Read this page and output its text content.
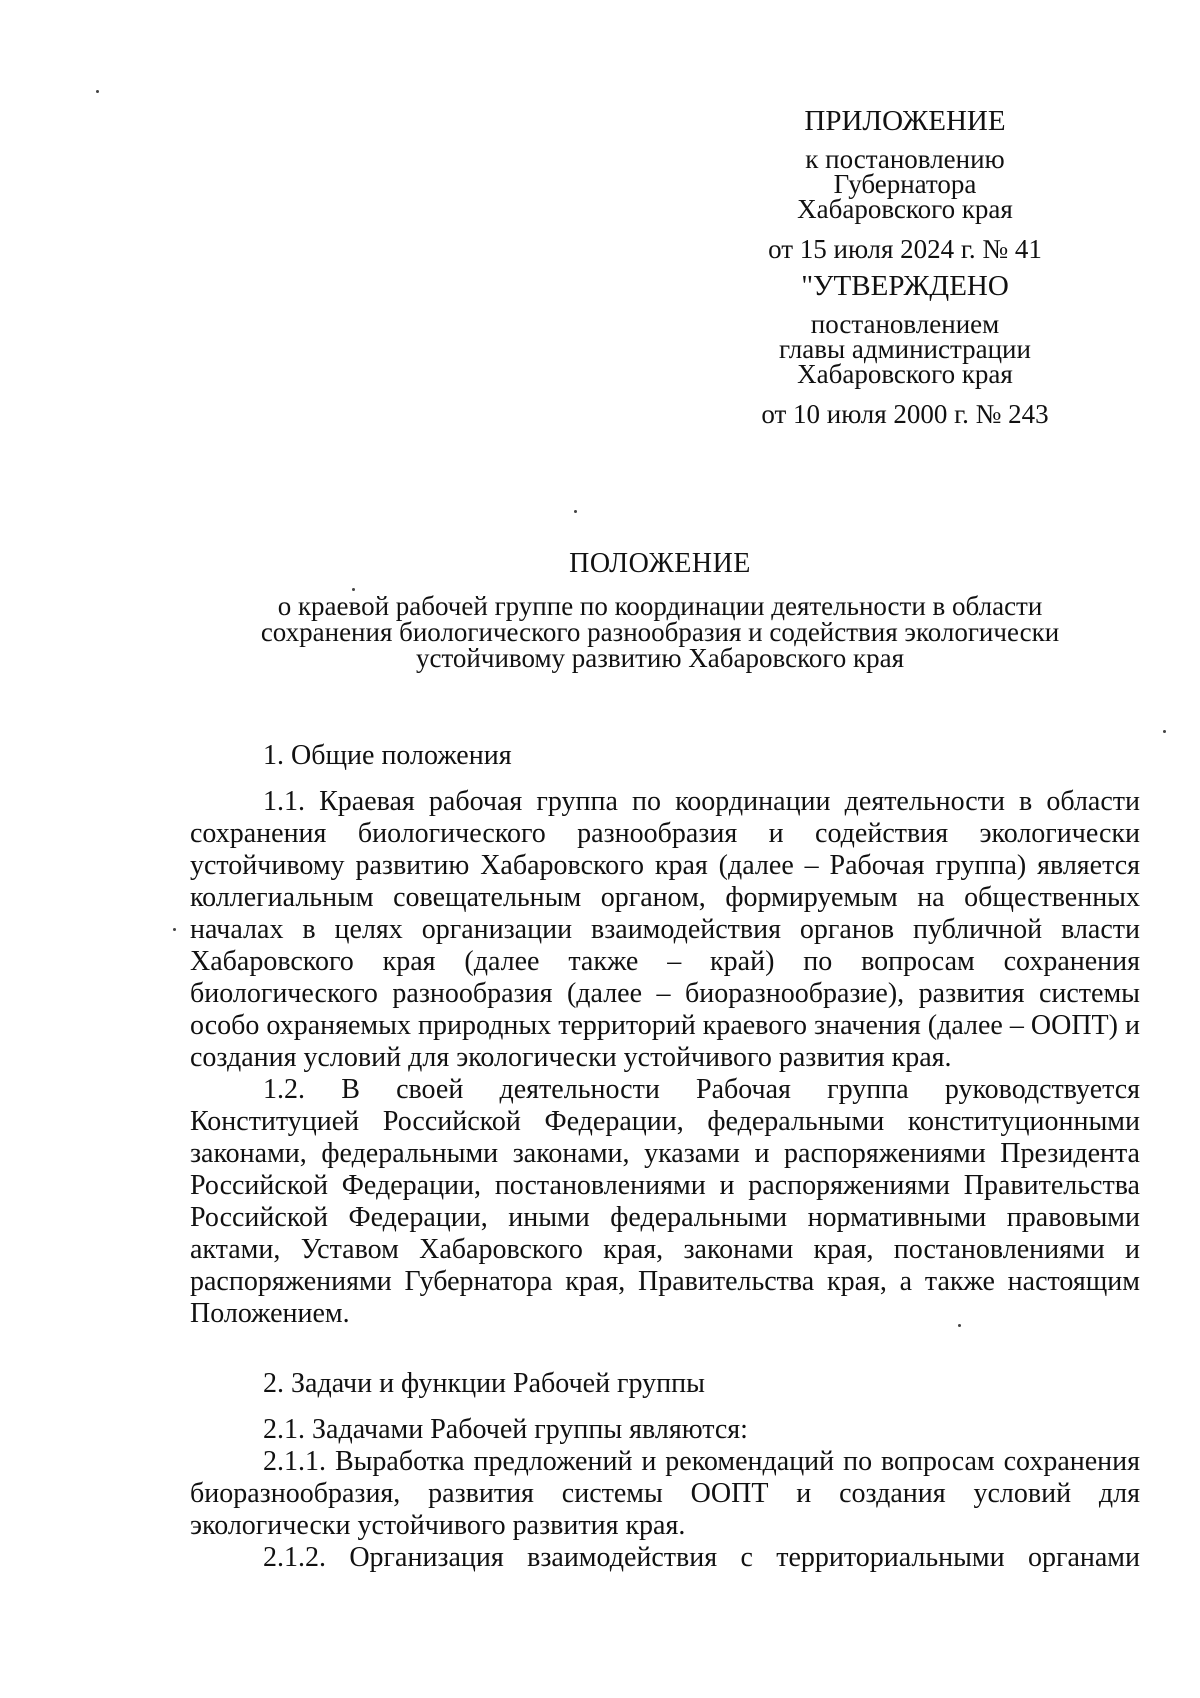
ПРИЛОЖЕНИЕ
к постановлению
Губернатора
Хабаровского края
от 15 июля 2024 г. № 41
"УТВЕРЖДЕНО
постановлением
главы администрации
Хабаровского края
от 10 июля 2000 г. № 243
ПОЛОЖЕНИЕ
о краевой рабочей группе по координации деятельности в области
сохранения биологического разнообразия и содействия экологически
устойчивому развитию Хабаровского края

1. Общие положения

1.1. Краевая рабочая группа по координации деятельности в области сохранения биологического разнообразия и содействия экологически устойчивому развитию Хабаровского края (далее – Рабочая группа) является коллегиальным совещательным органом, формируемым на общественных началах в целях организации взаимодействия органов публичной власти Хабаровского края (далее также – край) по вопросам сохранения биологического разнообразия (далее – биоразнообразие), развития системы особо охраняемых природных территорий краевого значения (далее – ООПТ) и создания условий для экологически устойчивого развития края.

1.2. В своей деятельности Рабочая группа руководствуется Конституцией Российской Федерации, федеральными конституционными законами, федеральными законами, указами и распоряжениями Президента Российской Федерации, постановлениями и распоряжениями Правительства Российской Федерации, иными федеральными нормативными правовыми актами, Уставом Хабаровского края, законами края, постановлениями и распоряжениями Губернатора края, Правительства края, а также настоящим Положением.

2. Задачи и функции Рабочей группы

2.1. Задачами Рабочей группы являются:

2.1.1. Выработка предложений и рекомендаций по вопросам сохранения биоразнообразия, развития системы ООПТ и создания условий для экологически устойчивого развития края.

2.1.2. Организация взаимодействия с территориальными органами
